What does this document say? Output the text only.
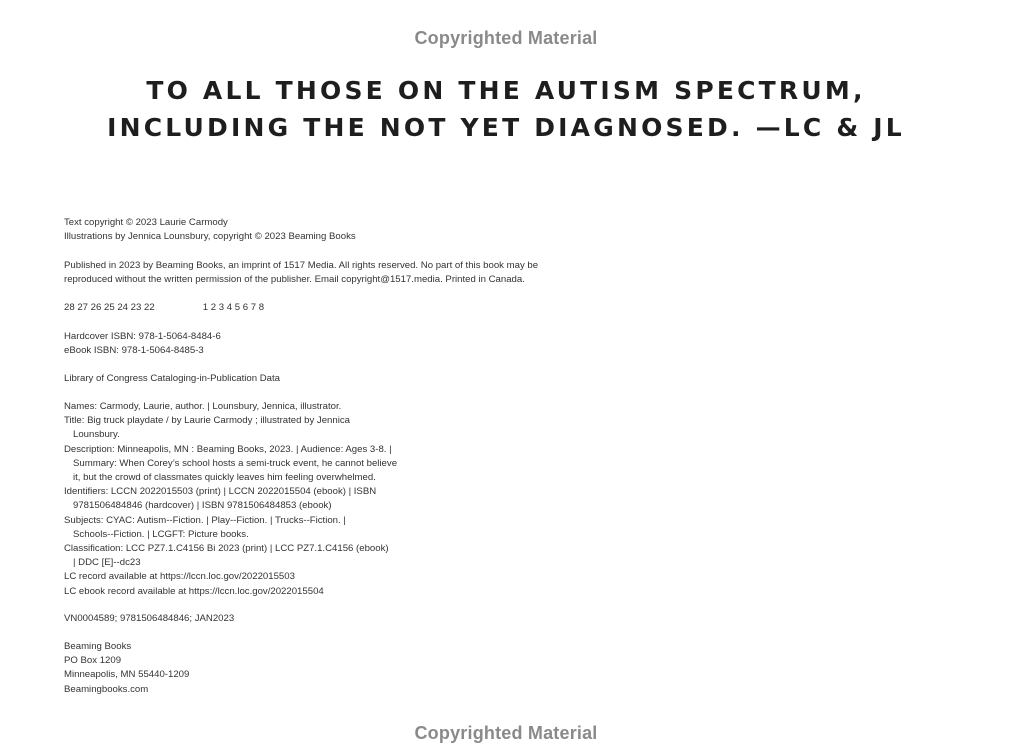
Copyrighted Material
TO ALL THOSE ON THE AUTISM SPECTRUM,
INCLUDING THE NOT YET DIAGNOSED. —LC & JL
Text copyright © 2023 Laurie Carmody
Illustrations by Jennica Lounsbury, copyright © 2023 Beaming Books
Published in 2023 by Beaming Books, an imprint of 1517 Media. All rights reserved. No part of this book may be
reproduced without the written permission of the publisher. Email copyright@1517.media. Printed in Canada.
28 27 26 25 24 23 22	1 2 3 4 5 6 7 8
Hardcover ISBN: 978-1-5064-8484-6
eBook ISBN: 978-1-5064-8485-3
Library of Congress Cataloging-in-Publication Data
Names: Carmody, Laurie, author. | Lounsbury, Jennica, illustrator.
Title: Big truck playdate / by Laurie Carmody ; illustrated by Jennica
Lounsbury.
Description: Minneapolis, MN : Beaming Books, 2023. | Audience: Ages 3-8. |
Summary: When Corey’s school hosts a semi-truck event, he cannot believe
it, but the crowd of classmates quickly leaves him feeling overwhelmed.
Identifiers: LCCN 2022015503 (print) | LCCN 2022015504 (ebook) | ISBN
9781506484846 (hardcover) | ISBN 9781506484853 (ebook)
Subjects: CYAC: Autism--Fiction. | Play--Fiction. | Trucks--Fiction. |
Schools--Fiction. | LCGFT: Picture books.
Classification: LCC PZ7.1.C4156 Bi 2023 (print) | LCC PZ7.1.C4156 (ebook)
| DDC [E]--dc23
LC record available at https://lccn.loc.gov/2022015503
LC ebook record available at https://lccn.loc.gov/2022015504
VN0004589; 9781506484846; JAN2023
Beaming Books
PO Box 1209
Minneapolis, MN 55440-1209
Beamingbooks.com
Copyrighted Material
